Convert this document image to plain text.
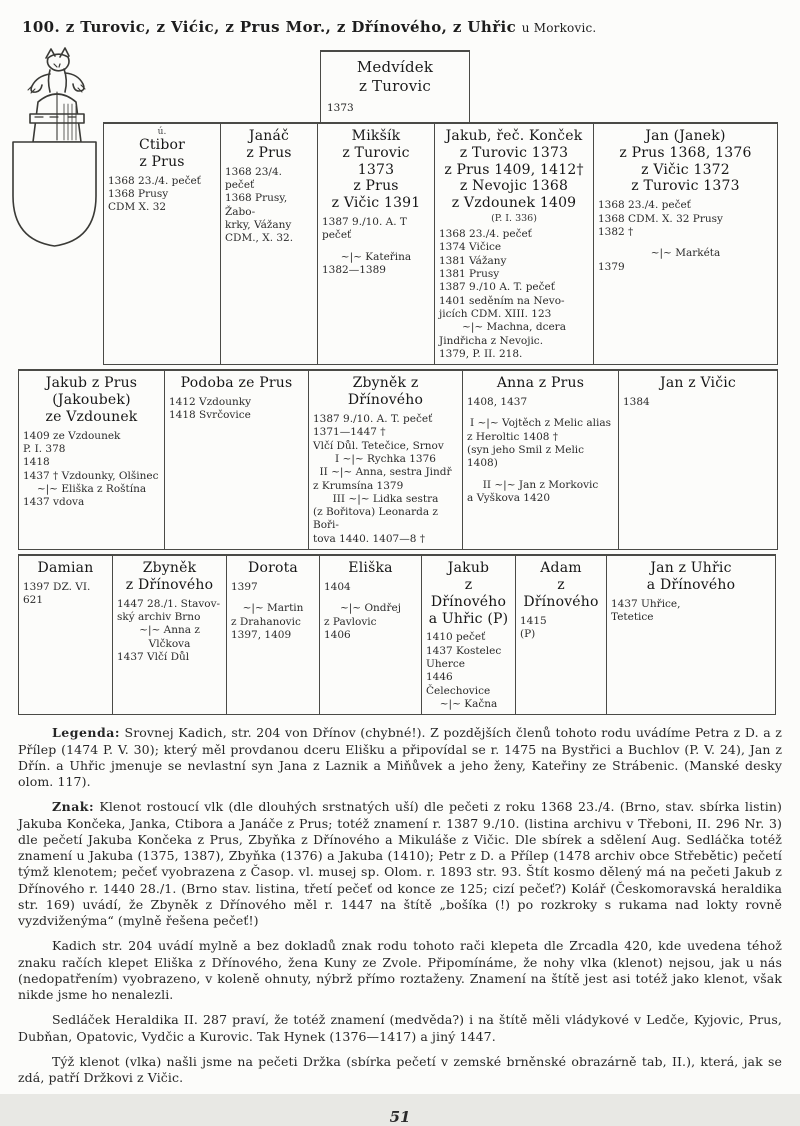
100. z Turovic, z Vićic, z Prus Mor., z Dřínového, z Uhřic u Morkovic.
Medvídek
z Turovic
1373
ú.
Ctibor
z Prus
1368 23./4. pečeť
1368 Prusy
CDM X. 32
Janáč
z Prus
1368 23/4. pečeť
1368 Prusy, Žabo-
krky, Vážany
CDM., X. 32.
Mikšík
z Turovic 1373
z Prus
z Vičic 1391
1387 9./10. A. T
pečeť
~|~ Kateřina
1382—1389
Jakub, řeč. Konček
z Turovic 1373
z Prus 1409, 1412†
z Nevojic 1368
z Vzdounek 1409
(P. I. 336)
1368 23./4. pečeť
1374 Vičice
1381 Vážany
1381 Prusy
1387 9./10 A. T. pečeť
1401 seděním na Nevo-
jicích CDM. XIII. 123
~|~ Machna, dcera
Jindřicha z Nevojic.
1379, P. II. 218.
Jan (Janek)
z Prus 1368, 1376
z Vičic 1372
z Turovic 1373
1368 23./4. pečeť
1368 CDM. X. 32 Prusy
1382 †
~|~ Markéta
1379
Jakub z Prus
(Jakoubek)
ze Vzdounek
1409 ze Vzdounek
P. I. 378
1418
1437 † Vzdounky, Olšinec
~|~ Eliška z Roštína
1437 vdova
Podoba ze Prus
1412 Vzdounky
1418 Svrčovice
Zbyněk z Dřínového
1387 9./10. A. T. pečeť
1371—1447 †
Vlčí Důl. Tetečice, Srnov
I ~|~ Rychka 1376
II ~|~ Anna, sestra Jindř
z Krumsína 1379
III ~|~ Lidka sestra
(z Bořitova) Leonarda z Boři-
tova 1440. 1407—8 †
Anna z Prus
1408, 1437
I ~|~ Vojtěch z Melic alias
z Heroltic 1408 †
(syn jeho Smil z Melic 1408)
II ~|~ Jan z Morkovic
a Vyškova 1420
Jan z Vičic
1384
Damian
1397 DZ. VI. 621
Zbyněk
z Dřínového
1447 28./1. Stavov-
ský archiv Brno
~|~ Anna z Vlčkova
1437 Vlčí Důl
Dorota
1397
~|~ Martin
z Drahanovic
1397, 1409
Eliška
1404
~|~ Ondřej
z Pavlovic
1406
Jakub
z Dřínového
a Uhřic (P)
1410 pečeť
1437 Kostelec
Uherce
1446 Čelechovice
~|~ Kačna
Adam
z Dřínového
1415
(P)
Jan z Uhřic
a Dřínového
1437 Uhřice,
Tetetice

Legenda: Srovnej Kadich, str. 204 von Dřínov (chybné!). Z pozdějších členů tohoto rodu uvádíme Petra z D. a z Přílep (1474 P. V. 30); který měl provdanou dceru Elišku a připovídal se r. 1475 na Bystřici a Buchlov (P. V. 24), Jan z Dřín. a Uhřic jmenuje se nevlastní syn Jana z Laznik a Miňůvek a jeho ženy, Kateřiny ze Strábenic. (Manské desky olom. 117).

Znak: Klenot rostoucí vlk (dle dlouhých srstnatých uší) dle pečeti z roku 1368 23./4. (Brno, stav. sbírka listin) Jakuba Končeka, Janka, Ctibora a Janáče z Prus; totéž znamení r. 1387 9./10. (listina archivu v Třeboni, II. 296 Nr. 3) dle pečetí Jakuba Končeka z Prus, Zbyňka z Dřínového a Mikuláše z Vičic. Dle sbírek a sdělení Aug. Sedláčka totéž znamení u Jakuba (1375, 1387), Zbyňka (1376) a Jakuba (1410); Petr z D. a Přílep (1478 archiv obce Střebětic) pečetí týmž klenotem; pečeť vyobrazena z Časop. vl. musej sp. Olom. r. 1893 str. 93. Štít kosmo dělený má na pečeti Jakub z Dřínového r. 1440 28./1. (Brno stav. listina, třetí pečeť od konce ze 125; cizí pečeť?) Kolář (Českomoravská heraldika str. 169) uvádí, že Zbyněk z Dřínového měl r. 1447 na štítě „bošíka (!) po rozkroky s rukama nad lokty rovně vyzdviženýma“ (mylně řešena pečeť!)

Kadich str. 204 uvádí mylně a bez dokladů znak rodu tohoto rači klepeta dle Zrcadla 420, kde uvedena téhož znaku račích klepet Eliška z Dřínového, žena Kuny ze Zvole. Připomínáme, že nohy vlka (klenot) nejsou, jak u nás (nedopatřením) vyobrazeno, v koleně ohnuty, nýbrž přímo roztaženy. Znamení na štítě jest asi totéž jako klenot, však nikde jsme ho nenalezli.

Sedláček Heraldika II. 287 praví, že totéž znamení (medvěda?) i na štítě měli vládykové v Ledče, Kyjovic, Prus, Dubňan, Opatovic, Vydčic a Kurovic. Tak Hynek (1376—1417) a jiný 1447.

Týž klenot (vlka) našli jsme na pečeti Držka (sbírka pečetí v zemské brněnské obrazárně tab, II.), která, jak se zdá, patří Držkovi z Vičic.

51
